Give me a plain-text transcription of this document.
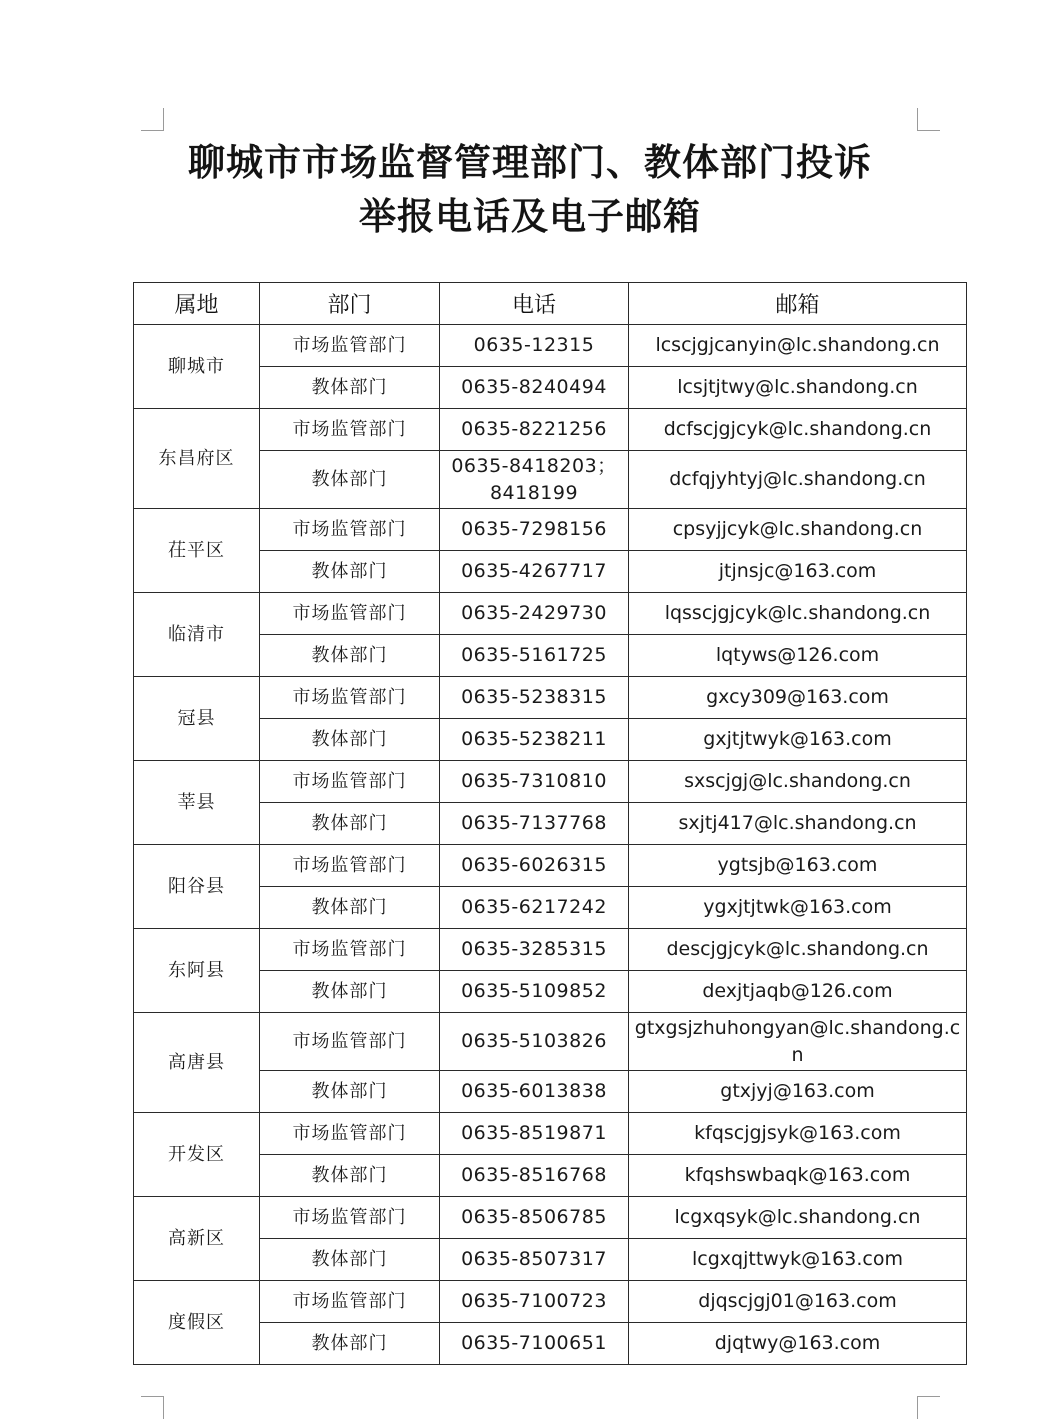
聊城市市场监督管理部门、教体部门投诉
举报电话及电子邮箱
属地	部门	电话	邮箱
聊城市	市场监管部门	0635-12315	lcscjgjcanyin@lc.shandong.cn
	教体部门	0635-8240494	lcsjtjtwy@lc.shandong.cn
东昌府区	市场监管部门	0635-8221256	dcfscjgjcyk@lc.shandong.cn
	教体部门	0635-8418203；8418199	dcfqjyhtyj@lc.shandong.cn
茌平区	市场监管部门	0635-7298156	cpsyjjcyk@lc.shandong.cn
	教体部门	0635-4267717	jtjnsjc@163.com
临清市	市场监管部门	0635-2429730	lqsscjgjcyk@lc.shandong.cn
	教体部门	0635-5161725	lqtyws@126.com
冠县	市场监管部门	0635-5238315	gxcy309@163.com
	教体部门	0635-5238211	gxjtjtwyk@163.com
莘县	市场监管部门	0635-7310810	sxscjgj@lc.shandong.cn
	教体部门	0635-7137768	sxjtj417@lc.shandong.cn
阳谷县	市场监管部门	0635-6026315	ygtsjb@163.com
	教体部门	0635-6217242	ygxjtjtwk@163.com
东阿县	市场监管部门	0635-3285315	descjgjcyk@lc.shandong.cn
	教体部门	0635-5109852	dexjtjaqb@126.com
高唐县	市场监管部门	0635-5103826	gtxgsjzhuhongyan@lc.shandong.cn
	教体部门	0635-6013838	gtxjyj@163.com
开发区	市场监管部门	0635-8519871	kfqscjgjsyk@163.com
	教体部门	0635-8516768	kfqshswbaqk@163.com
高新区	市场监管部门	0635-8506785	lcgxqsyk@lc.shandong.cn
	教体部门	0635-8507317	lcgxqjttwyk@163.com
度假区	市场监管部门	0635-7100723	djqscjgj01@163.com
	教体部门	0635-7100651	djqtwy@163.com
